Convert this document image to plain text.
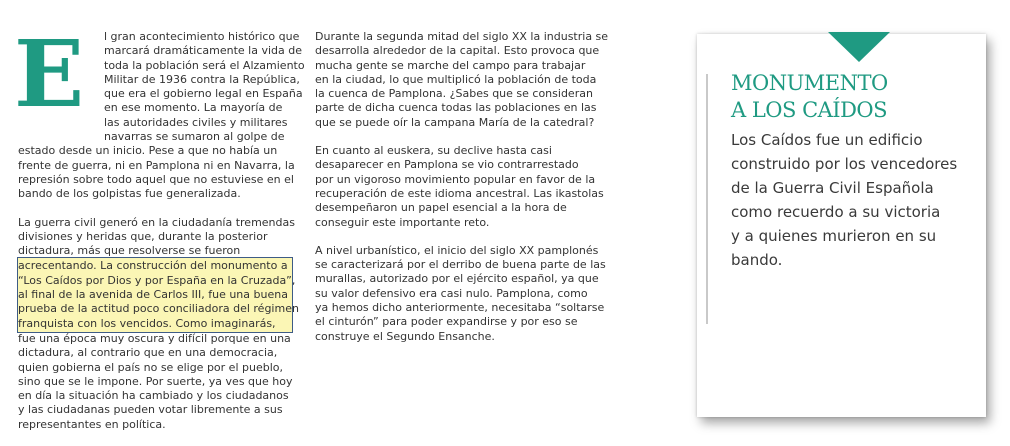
E	l gran acontecimiento histórico que
marcará dramáticamente la vida de
toda la población será el Alzamiento
Militar de 1936 contra la República,
que era el gobierno legal en España
en ese momento. La mayoría de
las autoridades civiles y militares
navarras se sumaron al golpe de
estado desde un inicio. Pese a que no había un
frente de guerra, ni en Pamplona ni en Navarra, la
represión sobre todo aquel que no estuviese en el
bando de los golpistas fue generalizada.

La guerra civil generó en la ciudadanía tremendas
divisiones y heridas que, durante la posterior
dictadura, más que resolverse se fueron
acrecentando. La construcción del monumento a
“Los Caídos por Dios y por España en la Cruzada”,
al final de la avenida de Carlos III, fue una buena
prueba de la actitud poco conciliadora del régimen
franquista con los vencidos. Como imaginarás,
fue una época muy oscura y difícil porque en una
dictadura, al contrario que en una democracia,
quien gobierna el país no se elige por el pueblo,
sino que se le impone. Por suerte, ya ves que hoy
en día la situación ha cambiado y los ciudadanos
y las ciudadanas pueden votar libremente a sus
representantes en política.

Durante la segunda mitad del siglo XX la industria se
desarrolla alrededor de la capital. Esto provoca que
mucha gente se marche del campo para trabajar
en la ciudad, lo que multiplicó la población de toda
la cuenca de Pamplona. ¿Sabes que se consideran
parte de dicha cuenca todas las poblaciones en las
que se puede oír la campana María de la catedral?

En cuanto al euskera, su declive hasta casi
desaparecer en Pamplona se vio contrarrestado
por un vigoroso movimiento popular en favor de la
recuperación de este idioma ancestral. Las ikastolas
desempeñaron un papel esencial a la hora de
conseguir este importante reto.

A nivel urbanístico, el inicio del siglo XX pamplonés
se caracterizará por el derribo de buena parte de las
murallas, autorizado por el ejército español, ya que
su valor defensivo era casi nulo. Pamplona, como
ya hemos dicho anteriormente, necesitaba “soltarse
el cinturón” para poder expandirse y por eso se
construye el Segundo Ensanche.

MONUMENTO
A LOS CAÍDOS
Los Caídos fue un edificio
construido por los vencedores
de la Guerra Civil Española
como recuerdo a su victoria
y a quienes murieron en su
bando.
